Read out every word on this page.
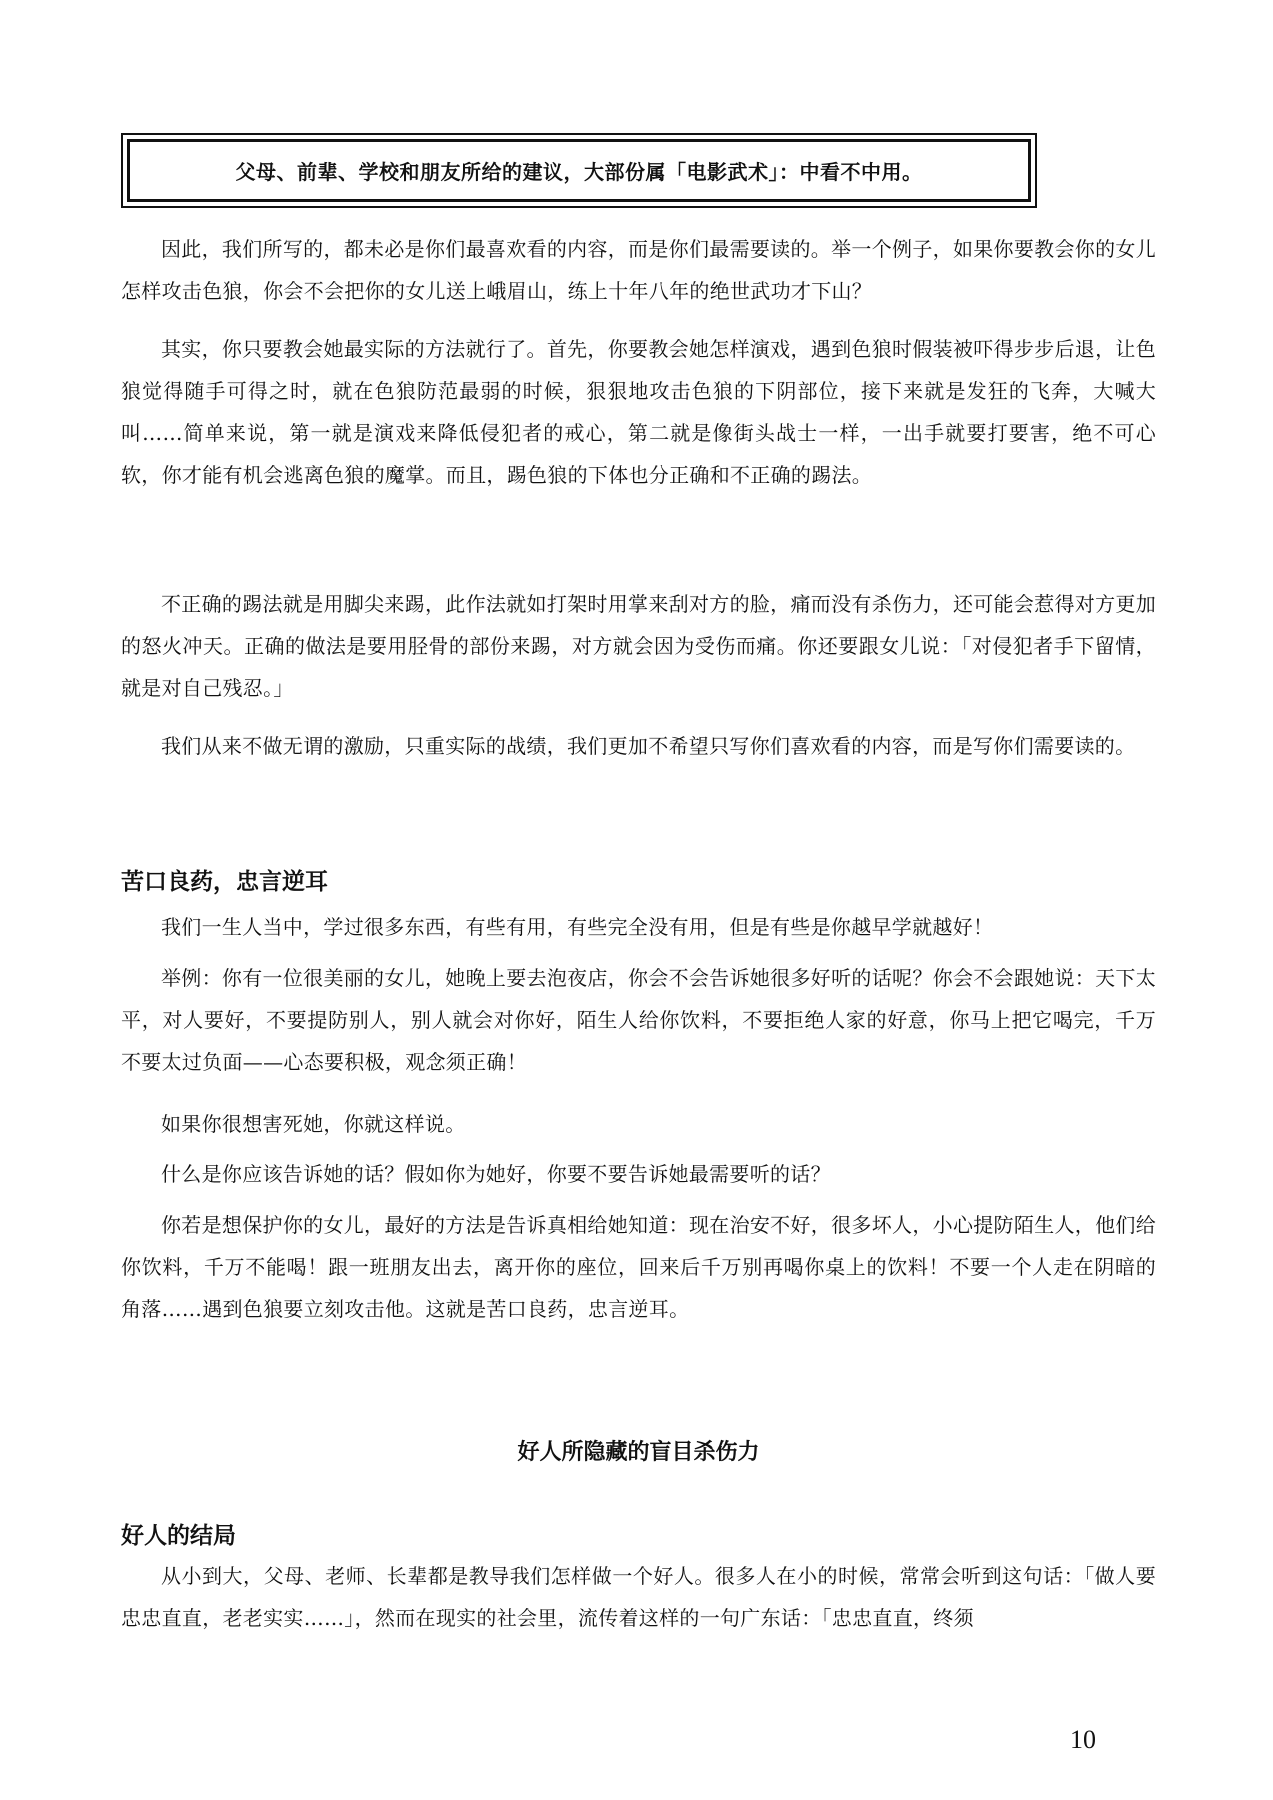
父母、前辈、学校和朋友所给的建议，大部份属「电影武术」：中看不中用。

因此，我们所写的，都未必是你们最喜欢看的内容，而是你们最需要读的。举一个例子，如果你要教会你的女儿怎样攻击色狼，你会不会把你的女儿送上峨眉山，练上十年八年的绝世武功才下山？

其实，你只要教会她最实际的方法就行了。首先，你要教会她怎样演戏，遇到色狼时假装被吓得步步后退，让色狼觉得随手可得之时，就在色狼防范最弱的时候，狠狠地攻击色狼的下阴部位，接下来就是发狂的飞奔，大喊大叫……简单来说，第一就是演戏来降低侵犯者的戒心，第二就是像街头战士一样，一出手就要打要害，绝不可心软，你才能有机会逃离色狼的魔掌。而且，踢色狼的下体也分正确和不正确的踢法。

不正确的踢法就是用脚尖来踢，此作法就如打架时用掌来刮对方的脸，痛而没有杀伤力，还可能会惹得对方更加的怒火冲天。正确的做法是要用胫骨的部份来踢，对方就会因为受伤而痛。你还要跟女儿说：「对侵犯者手下留情，就是对自己残忍。」

我们从来不做无谓的激励，只重实际的战绩，我们更加不希望只写你们喜欢看的内容，而是写你们需要读的。

苦口良药，忠言逆耳

我们一生人当中，学过很多东西，有些有用，有些完全没有用，但是有些是你越早学就越好！

举例：你有一位很美丽的女儿，她晚上要去泡夜店，你会不会告诉她很多好听的话呢？你会不会跟她说：天下太平，对人要好，不要提防别人，别人就会对你好，陌生人给你饮料，不要拒绝人家的好意，你马上把它喝完，千万不要太过负面——心态要积极，观念须正确！

如果你很想害死她，你就这样说。

什么是你应该告诉她的话？假如你为她好，你要不要告诉她最需要听的话？

你若是想保护你的女儿，最好的方法是告诉真相给她知道：现在治安不好，很多坏人，小心提防陌生人，他们给你饮料，千万不能喝！跟一班朋友出去，离开你的座位，回来后千万别再喝你桌上的饮料！不要一个人走在阴暗的角落……遇到色狼要立刻攻击他。这就是苦口良药，忠言逆耳。

好人所隐藏的盲目杀伤力
好人的结局

从小到大，父母、老师、长辈都是教导我们怎样做一个好人。很多人在小的时候，常常会听到这句话：「做人要忠忠直直，老老实实……」，然而在现实的社会里，流传着这样的一句广东话：「忠忠直直，终须

10
